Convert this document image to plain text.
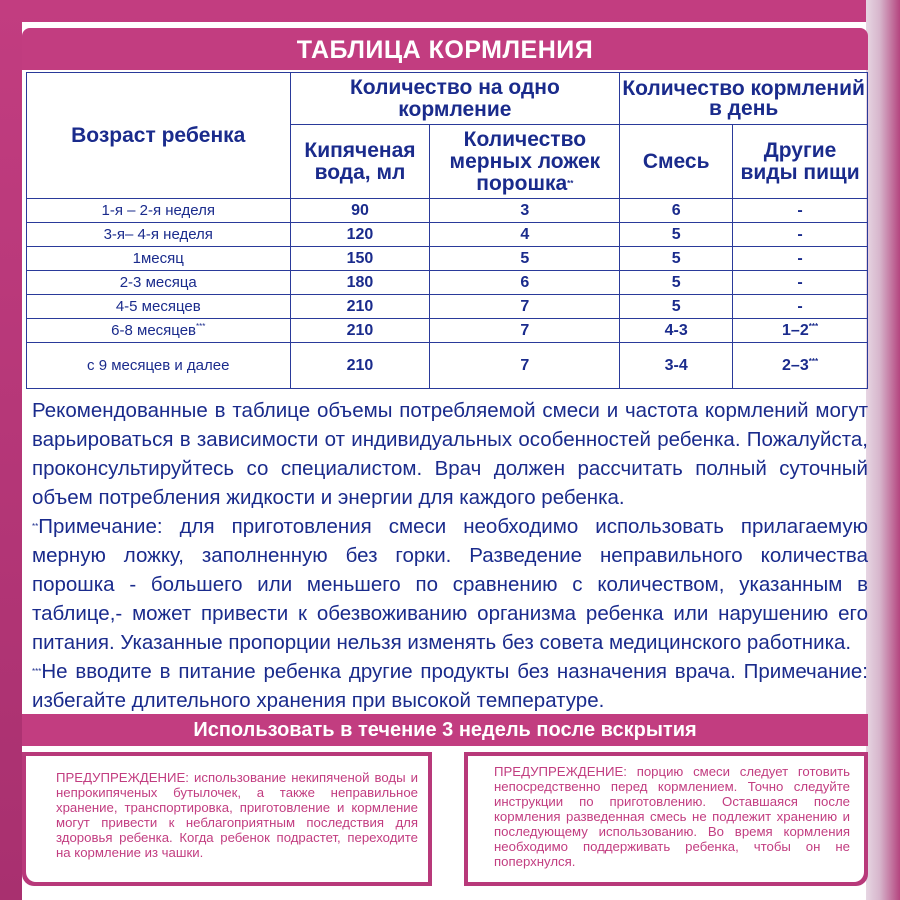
ТАБЛИЦА КОРМЛЕНИЯ
Возраст ребенка	Количество на одно кормление		Количество кормлений в день	
	Кипяченая вода, мл	Количество мерных ложек порошка**	Смесь	Другие виды пищи
1-я – 2-я неделя	90	3	6	-
3-я– 4-я неделя	120	4	5	-
1месяц	150	5	5	-
2-3 месяца	180	6	5	-
4-5 месяцев	210	7	5	-
6-8 месяцев***	210	7	4-3	1–2***
с 9 месяцев и далее	210	7	3-4	2–3***

Рекомендованные в таблице объемы потребляемой смеси и частота кормлений могут варьироваться в зависимости от индивидуальных особенностей ребенка. Пожалуйста, проконсультируйтесь со специалистом. Врач должен рассчитать полный суточный объем потребления жидкости и энергии для каждого ребенка.

**Примечание: для приготовления смеси необходимо использовать прилагаемую мерную ложку, заполненную без горки. Разведение неправильного количества порошка - большего или меньшего по сравнению с количеством, указанным в таблице,- может привести к обезвоживанию организма ребенка или нарушению его питания. Указанные пропорции нельзя изменять без совета медицинского работника.

***Не вводите в питание ребенка другие продукты без назначения врача. Примечание: избегайте длительного хранения при высокой температуре.

Использовать в течение 3 недель после вскрытия
ПРЕДУПРЕЖДЕНИЕ: использование некипяченой воды и непрокипяченых бутылочек, а также неправильное хранение, транспортировка, приготовление и кормление могут привести к неблагоприятным последствия для здоровья ребенка. Когда ребенок подрастет, переходите на кормление из чашки.
ПРЕДУПРЕЖДЕНИЕ: порцию смеси следует готовить непосредственно перед кормлением. Точно следуйте инструкции по приготовлению. Оставшаяся после кормления разведенная смесь не подлежит хранению и последующему использованию. Во время кормления необходимо поддерживать ребенка, чтобы он не поперхнулся.
